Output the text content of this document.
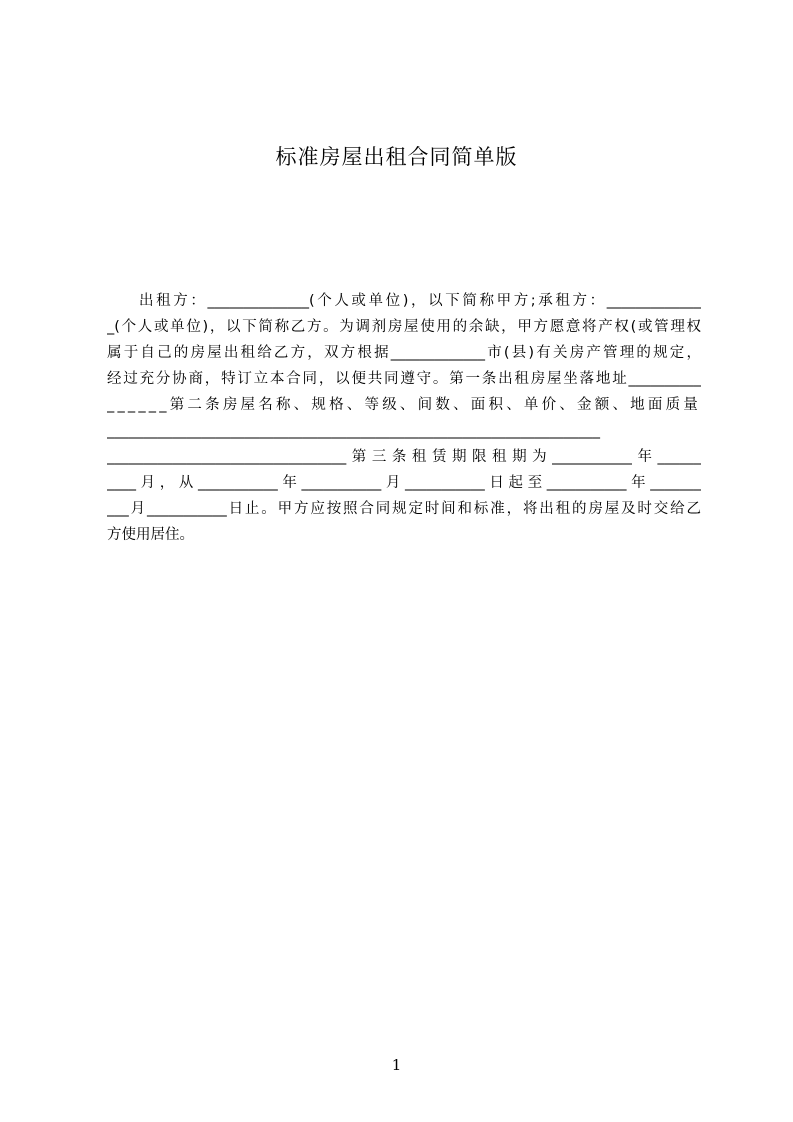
标准房屋出租合同简单版
出租方：______________(个人或单位)，以下简称甲方;承租方：_____________
_(个人或单位)，以下简称乙方。为调剂房屋使用的余缺，甲方愿意将产权(或管理权
属于自己的房屋出租给乙方，双方根据_____________市(县)有关房产管理的规定，
经过充分协商，特订立本合同，以便共同遵守。第一条出租房屋坐落地址__________
______第二条房屋名称、规格、等级、间数、面积、单价、金额、地面质量
____________________________________________________________________
_________________________________第三条租赁期限租期为___________年______
____月，从___________年___________月___________日起至___________年_______
___月___________日止。甲方应按照合同规定时间和标准，将出租的房屋及时交给乙
方使用居住。
1
